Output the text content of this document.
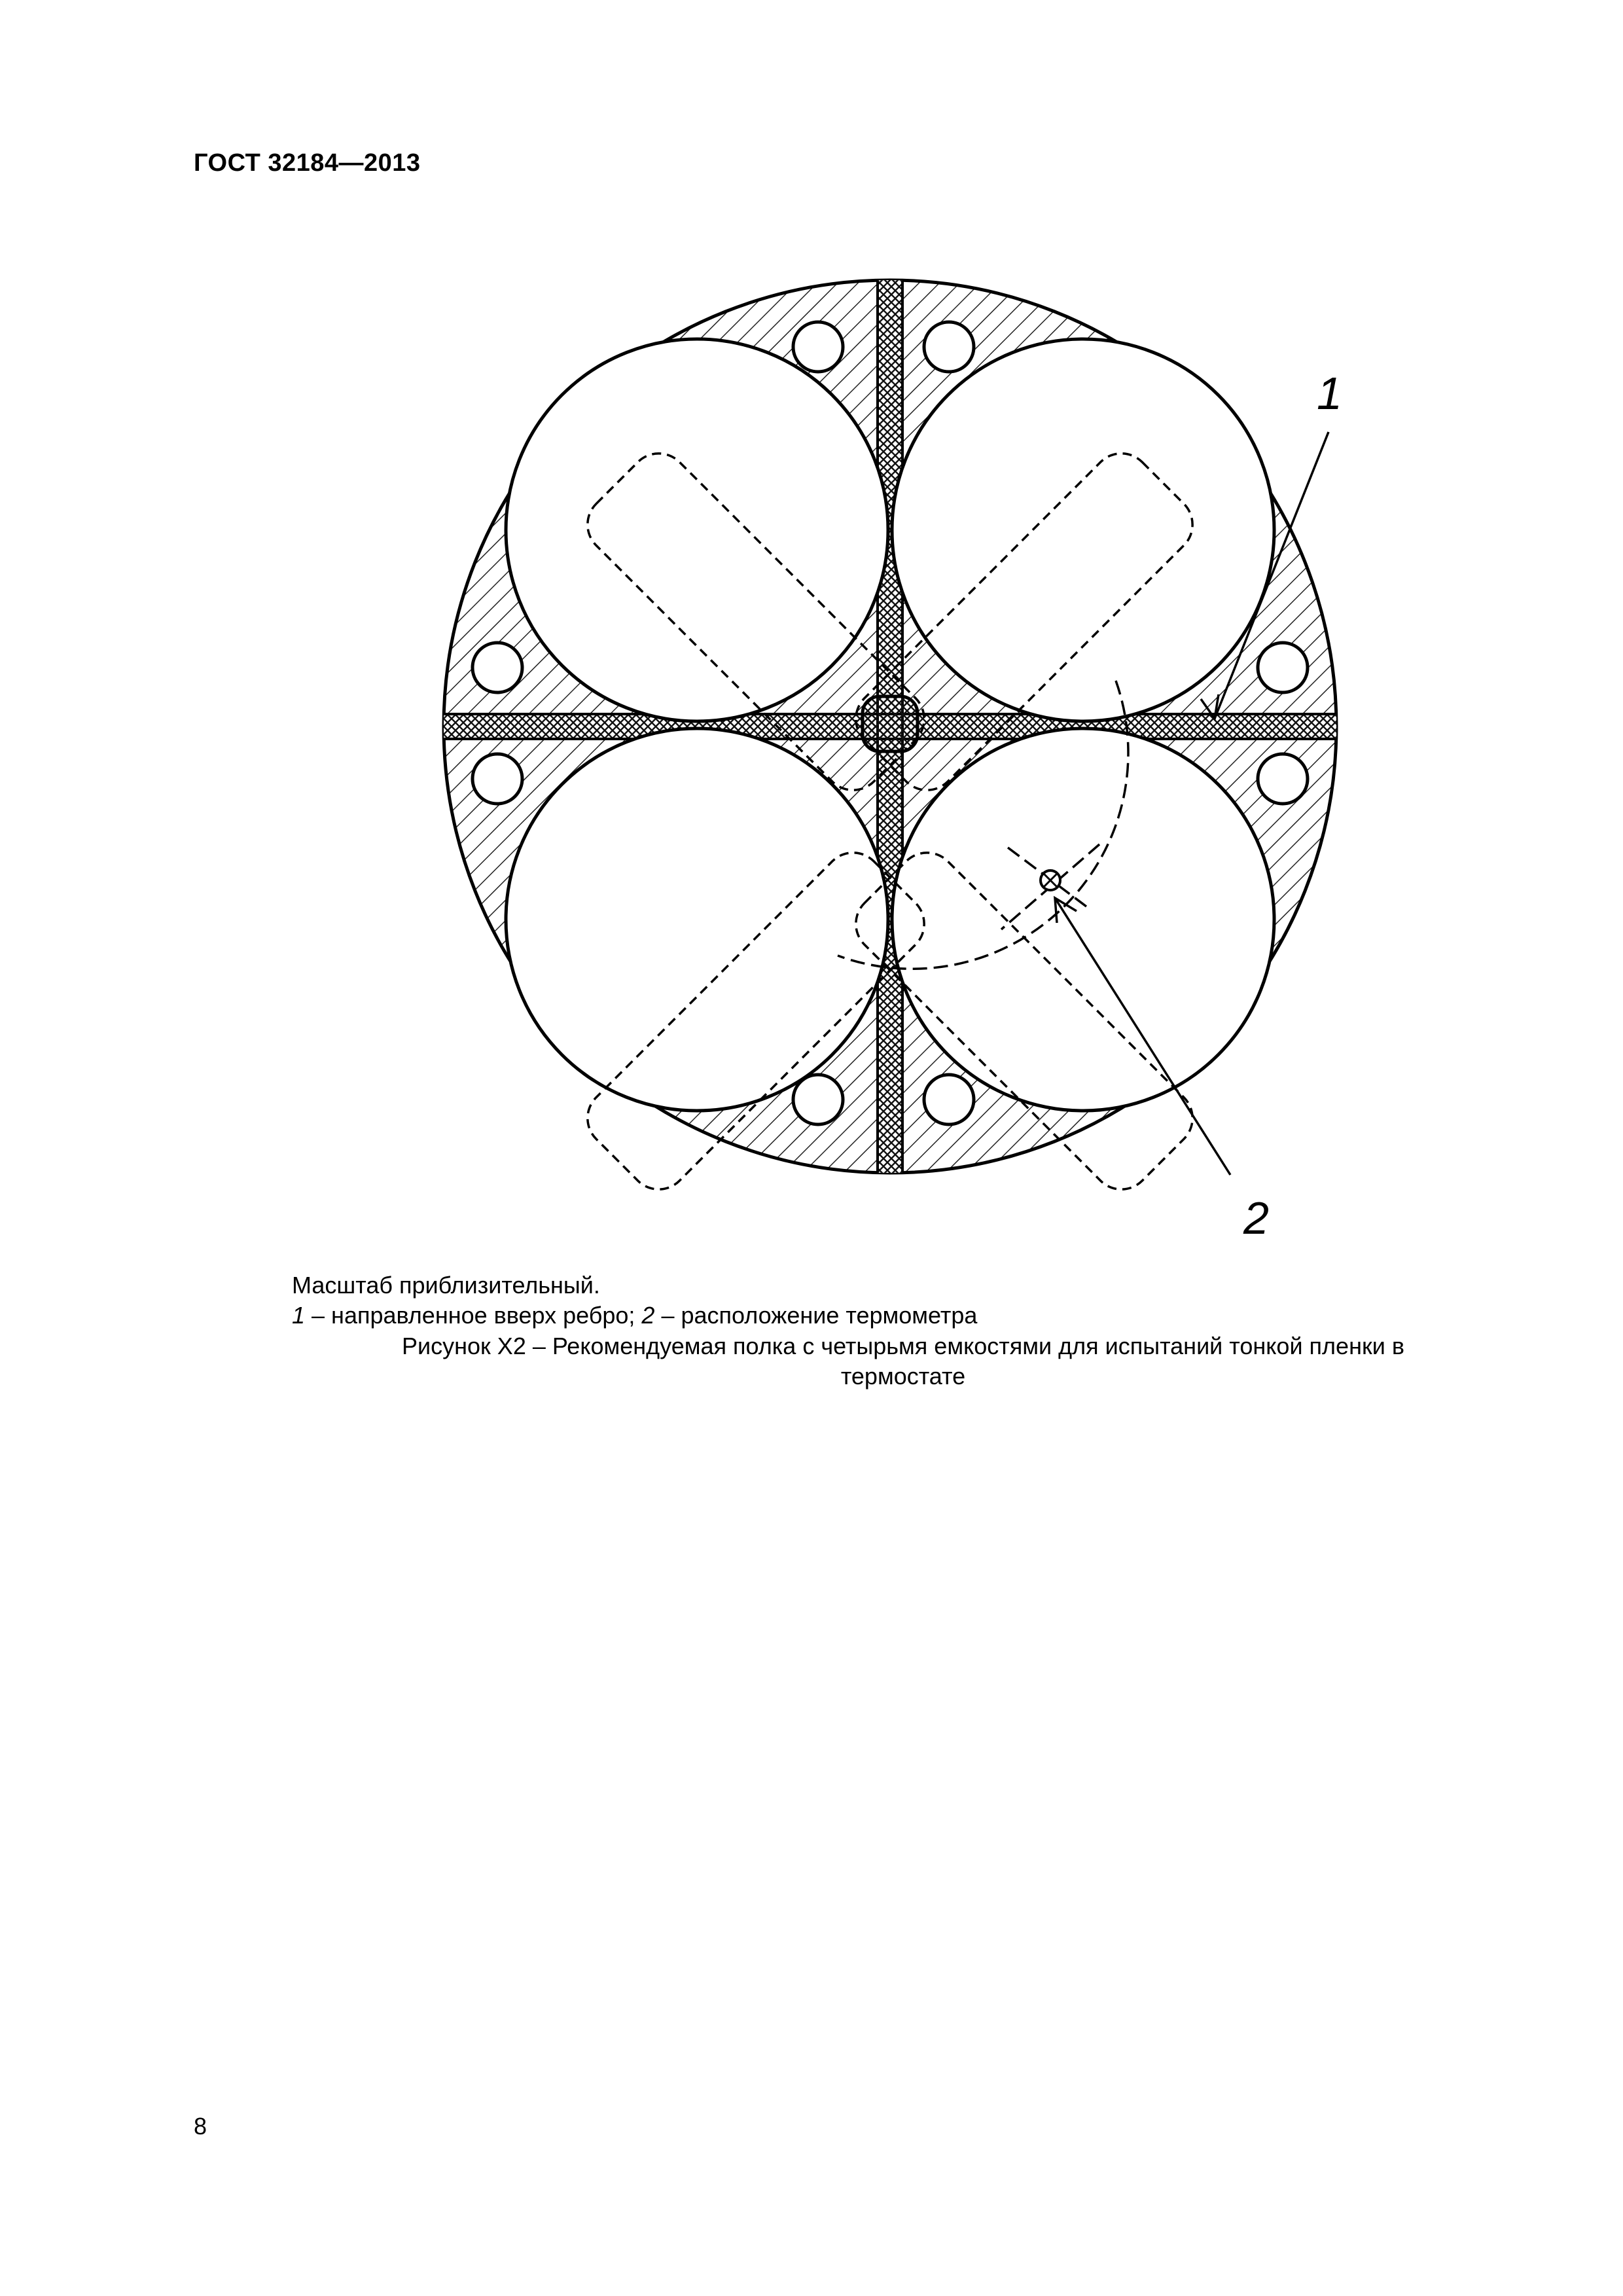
ГОСТ 32184—2013
1
2
Масштаб приблизительный.
1 – направленное вверх ребро; 2 – расположение термометра
Рисунок Х2 – Рекомендуемая полка с четырьмя емкостями для испытаний тонкой пленки в
термостате
8
